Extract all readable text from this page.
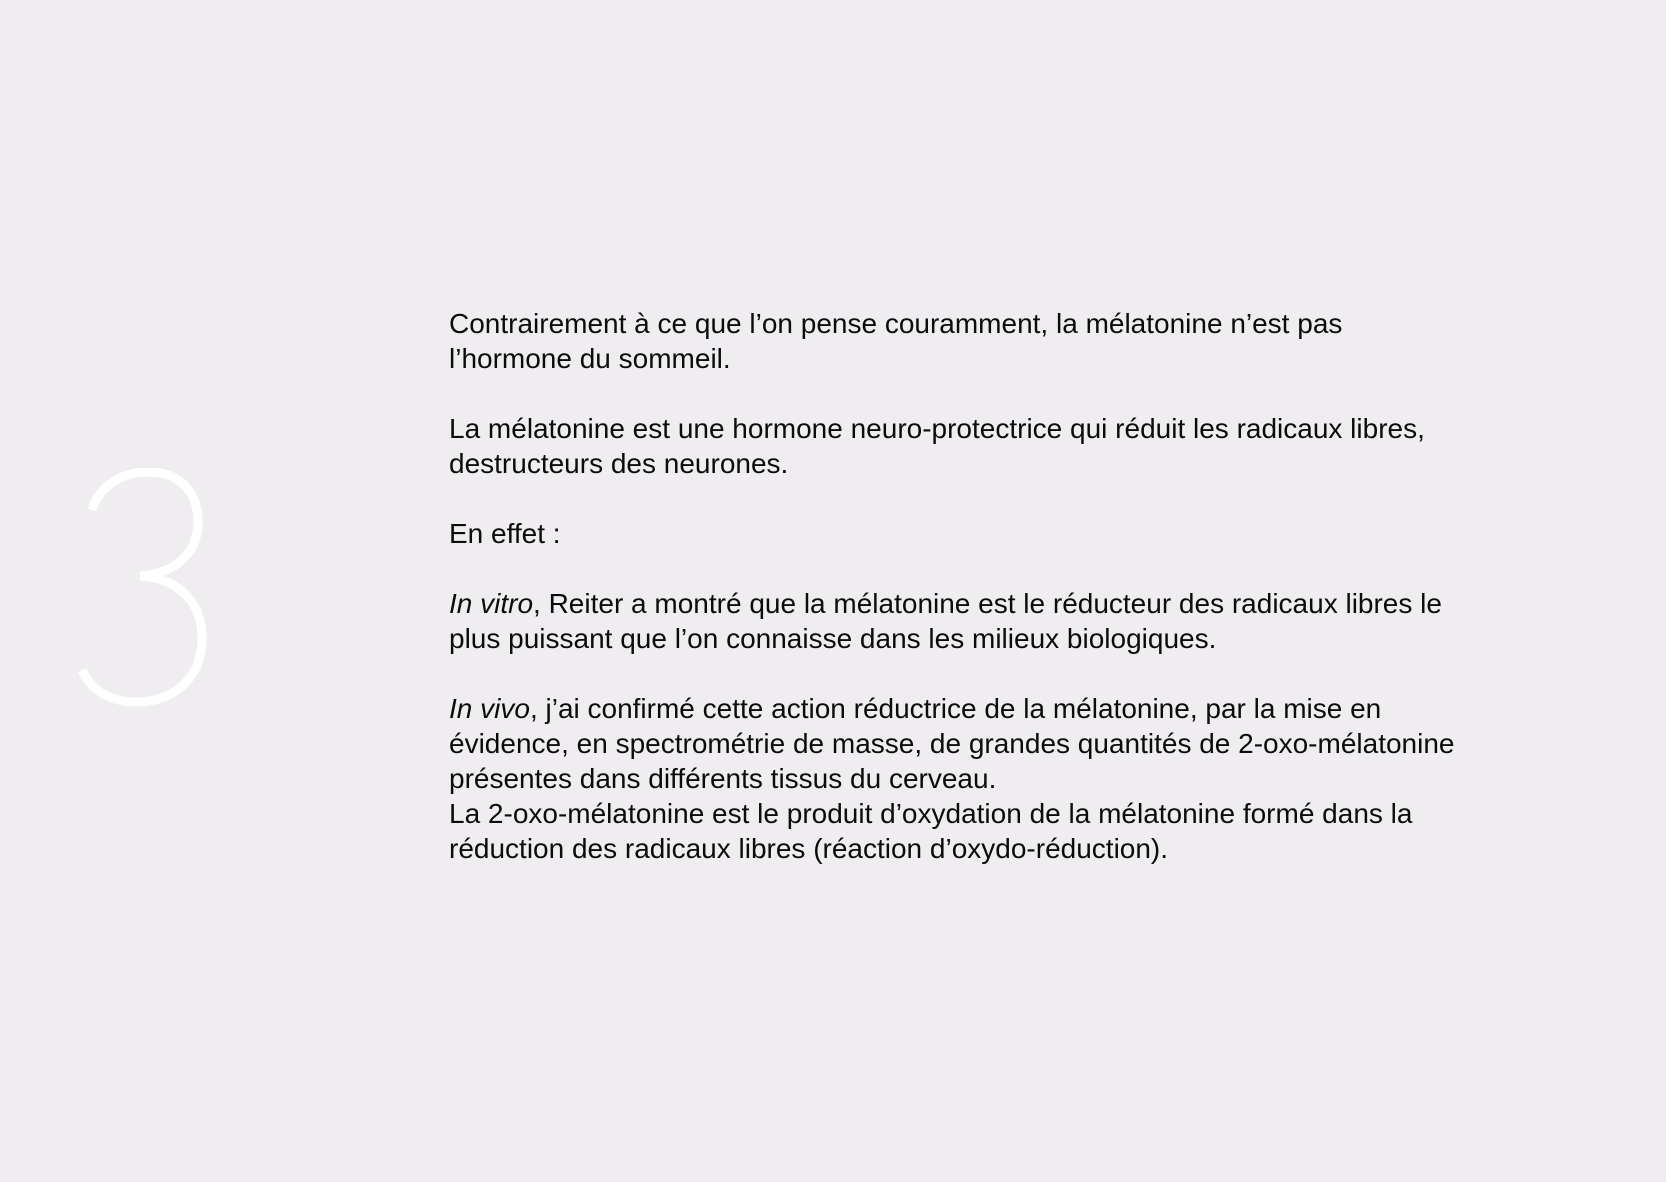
Contrairement à ce que l’on pense couramment, la mélatonine n’est pas l’hormone du sommeil.

La mélatonine est une hormone neuro-protectrice qui réduit les radicaux libres, destructeurs des neurones.

En effet :

In vitro, Reiter a montré que la mélatonine est le réducteur des radicaux libres le plus puissant que l’on connaisse dans les milieux biologiques.

In vivo, j’ai confirmé cette action réductrice de la mélatonine, par la mise en évidence, en spectrométrie de masse, de grandes quantités de 2-oxo-mélatonine présentes dans différents tissus du cerveau.

La 2-oxo-mélatonine est le produit d’oxydation de la mélatonine formé dans la réduction des radicaux libres (réaction d’oxydo-réduction).
